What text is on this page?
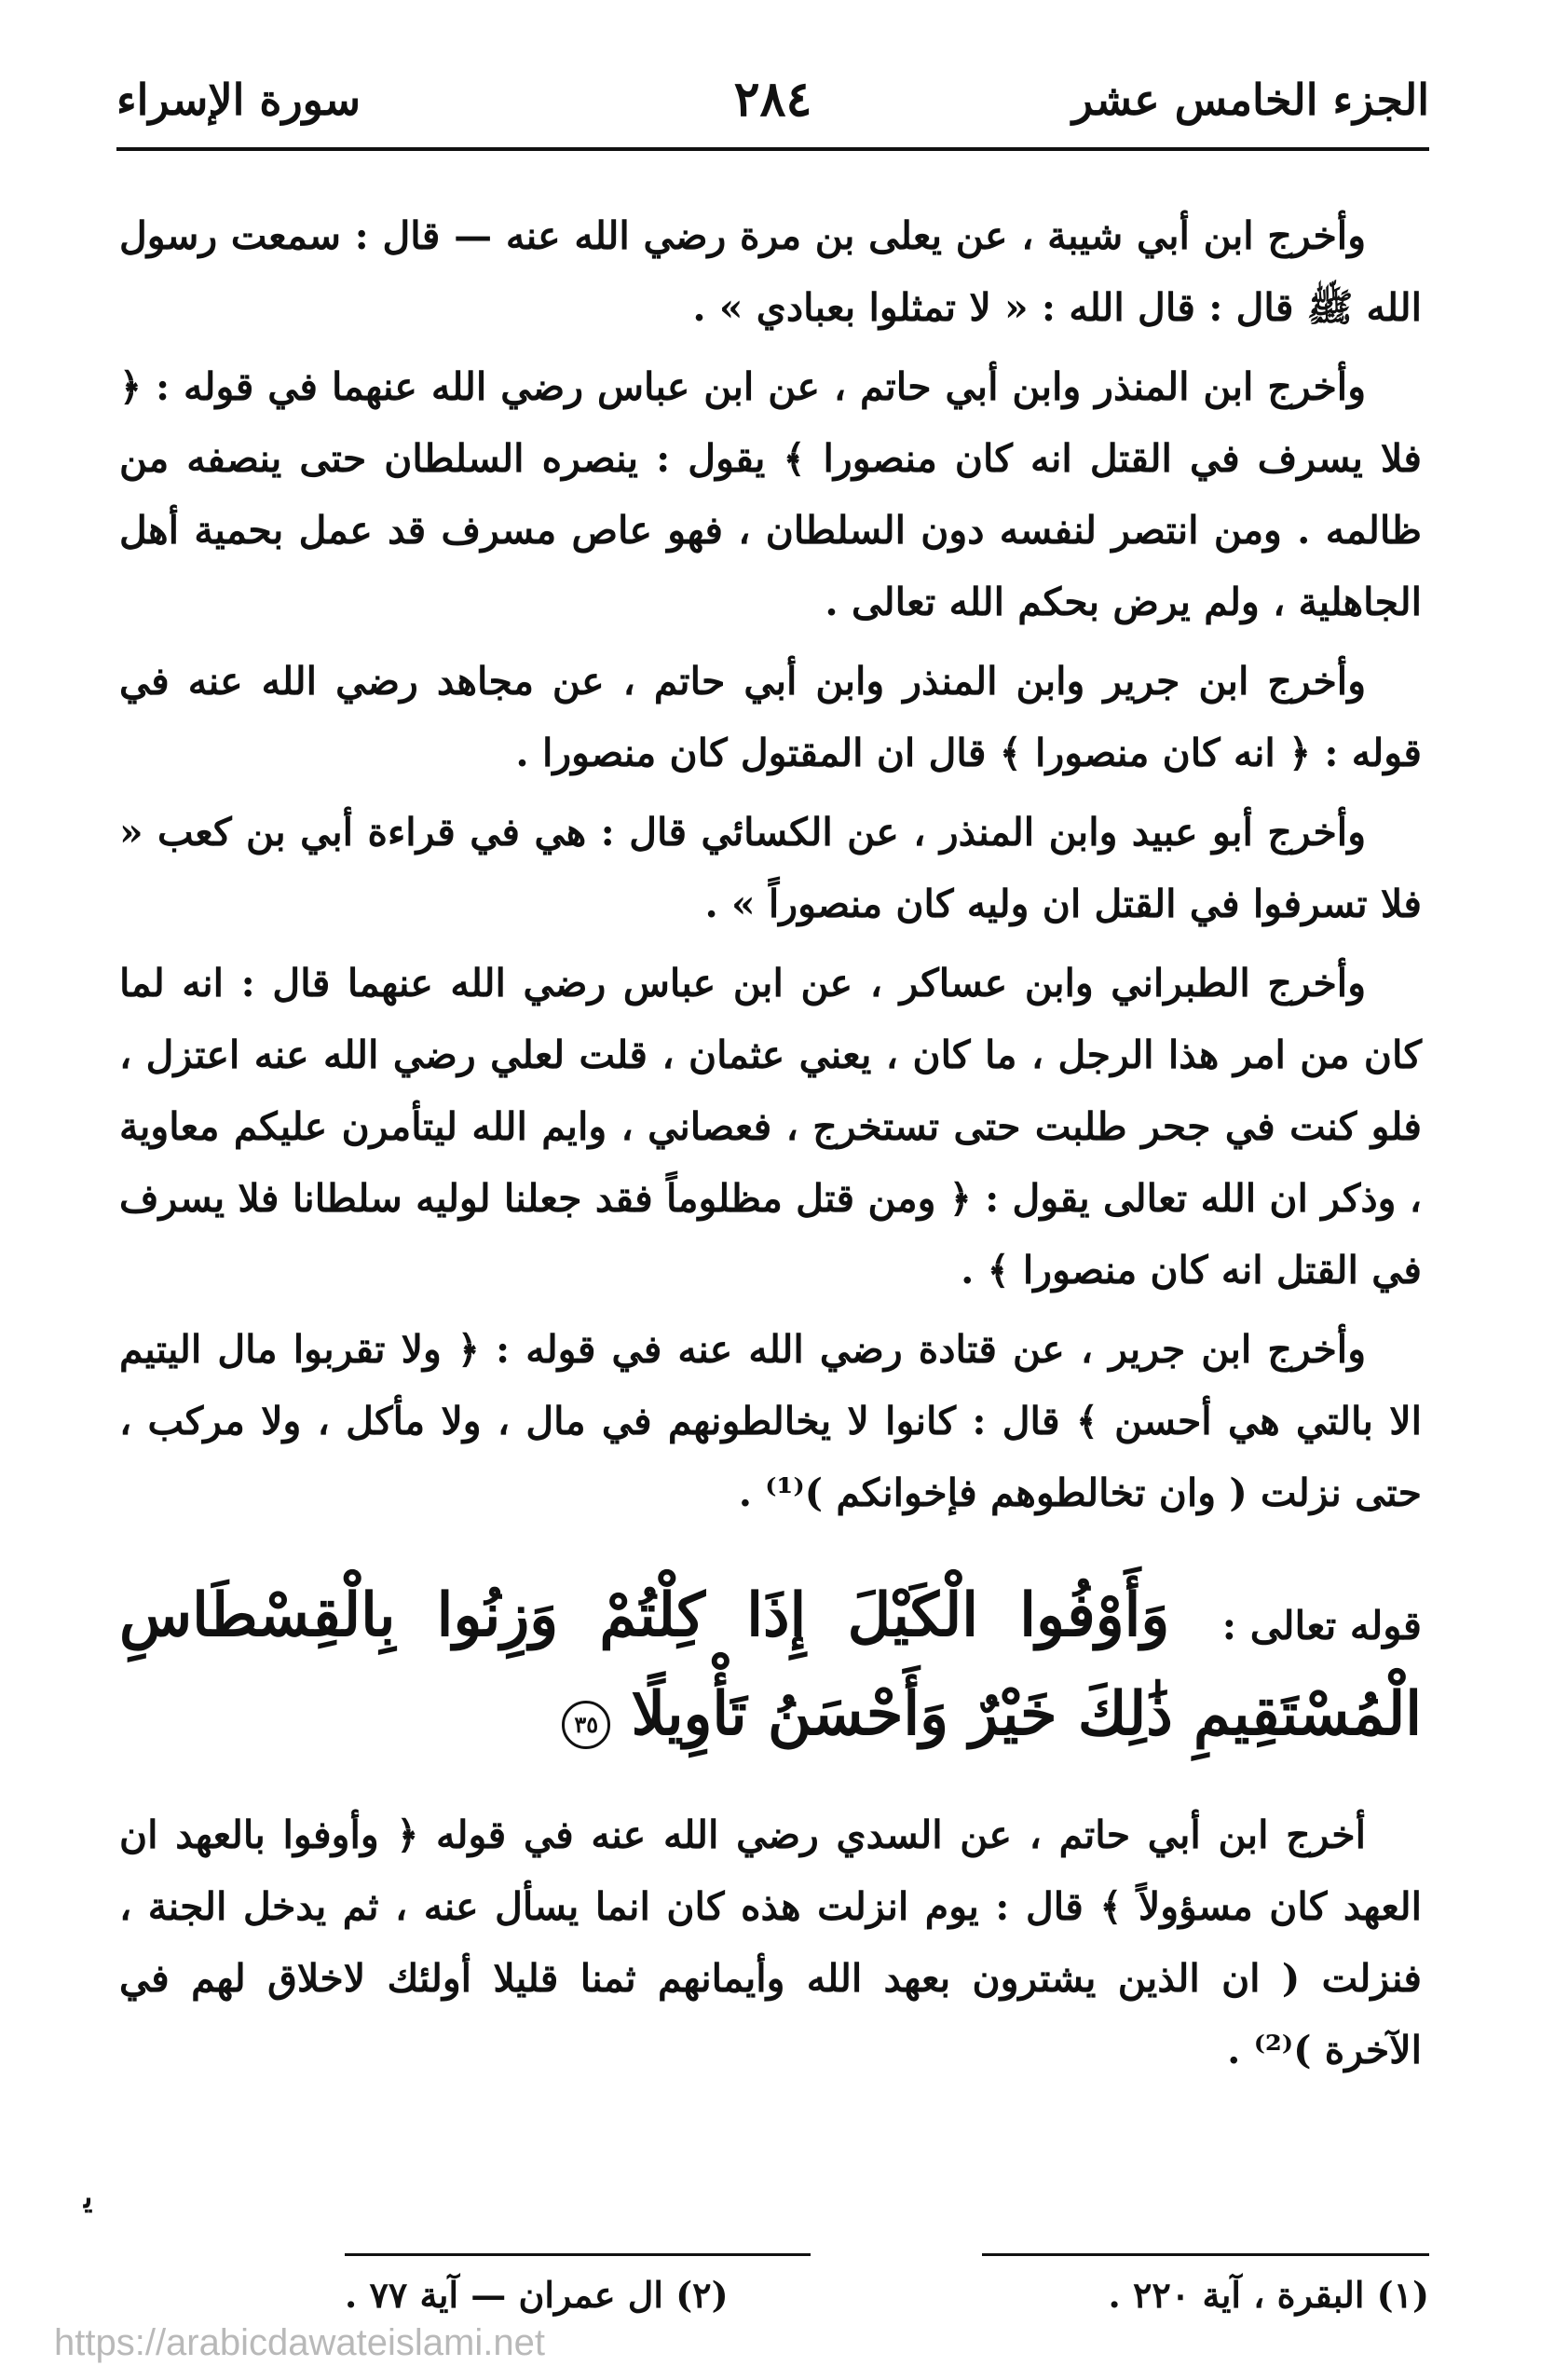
الجزء الخامس عشر
٢٨٤
سورة الإسراء

وأخرج ابن أبي شيبة ، عن يعلى بن مرة رضي الله عنه — قال : سمعت رسول الله ﷺ قال : قال الله : « لا تمثلوا بعبادي » .

وأخرج ابن المنذر وابن أبي حاتم ، عن ابن عباس رضي الله عنهما في قوله : ﴿ فلا يسرف في القتل انه كان منصورا ﴾ يقول : ينصره السلطان حتى ينصفه من ظالمه . ومن انتصر لنفسه دون السلطان ، فهو عاص مسرف قد عمل بحمية أهل الجاهلية ، ولم يرض بحكم الله تعالى .

وأخرج ابن جرير وابن المنذر وابن أبي حاتم ، عن مجاهد رضي الله عنه في قوله : ﴿ انه كان منصورا ﴾ قال ان المقتول كان منصورا .

وأخرج أبو عبيد وابن المنذر ، عن الكسائي قال : هي في قراءة أبي بن كعب « فلا تسرفوا في القتل ان وليه كان منصوراً » .

وأخرج الطبراني وابن عساكر ، عن ابن عباس رضي الله عنهما قال : انه لما كان من امر هذا الرجل ، ما كان ، يعني عثمان ، قلت لعلي رضي الله عنه اعتزل ، فلو كنت في جحر طلبت حتى تستخرج ، فعصاني ، وايم الله ليتأمرن عليكم معاوية ، وذكر ان الله تعالى يقول : ﴿ ومن قتل مظلوماً فقد جعلنا لوليه سلطانا فلا يسرف في القتل انه كان منصورا ﴾ .

وأخرج ابن جرير ، عن قتادة رضي الله عنه في قوله : ﴿ ولا تقربوا مال اليتيم الا بالتي هي أحسن ﴾ قال : كانوا لا يخالطونهم في مال ، ولا مأكل ، ولا مركب ، حتى نزلت ( وان تخالطوهم فإخوانكم )⁽¹⁾ .

قوله تعالى : وَأَوْفُوا الْكَيْلَ إِذَا كِلْتُمْ وَزِنُوا بِالْقِسْطَاسِ الْمُسْتَقِيمِ ذَٰلِكَ خَيْرٌ وَأَحْسَنُ تَأْوِيلًا ٣٥

أخرج ابن أبي حاتم ، عن السدي رضي الله عنه في قوله ﴿ وأوفوا بالعهد ان العهد كان مسؤولاً ﴾ قال : يوم انزلت هذه كان انما يسأل عنه ، ثم يدخل الجنة ، فنزلت ( ان الذين يشترون بعهد الله وأيمانهم ثمنا قليلا أولئك لاخلاق لهم في الآخرة )⁽²⁾ .

ﻳ
(١) البقرة ، آية ٢٢٠ .
(٢) ال عمران — آية ٧٧ .
https://arabicdawateislami.net
